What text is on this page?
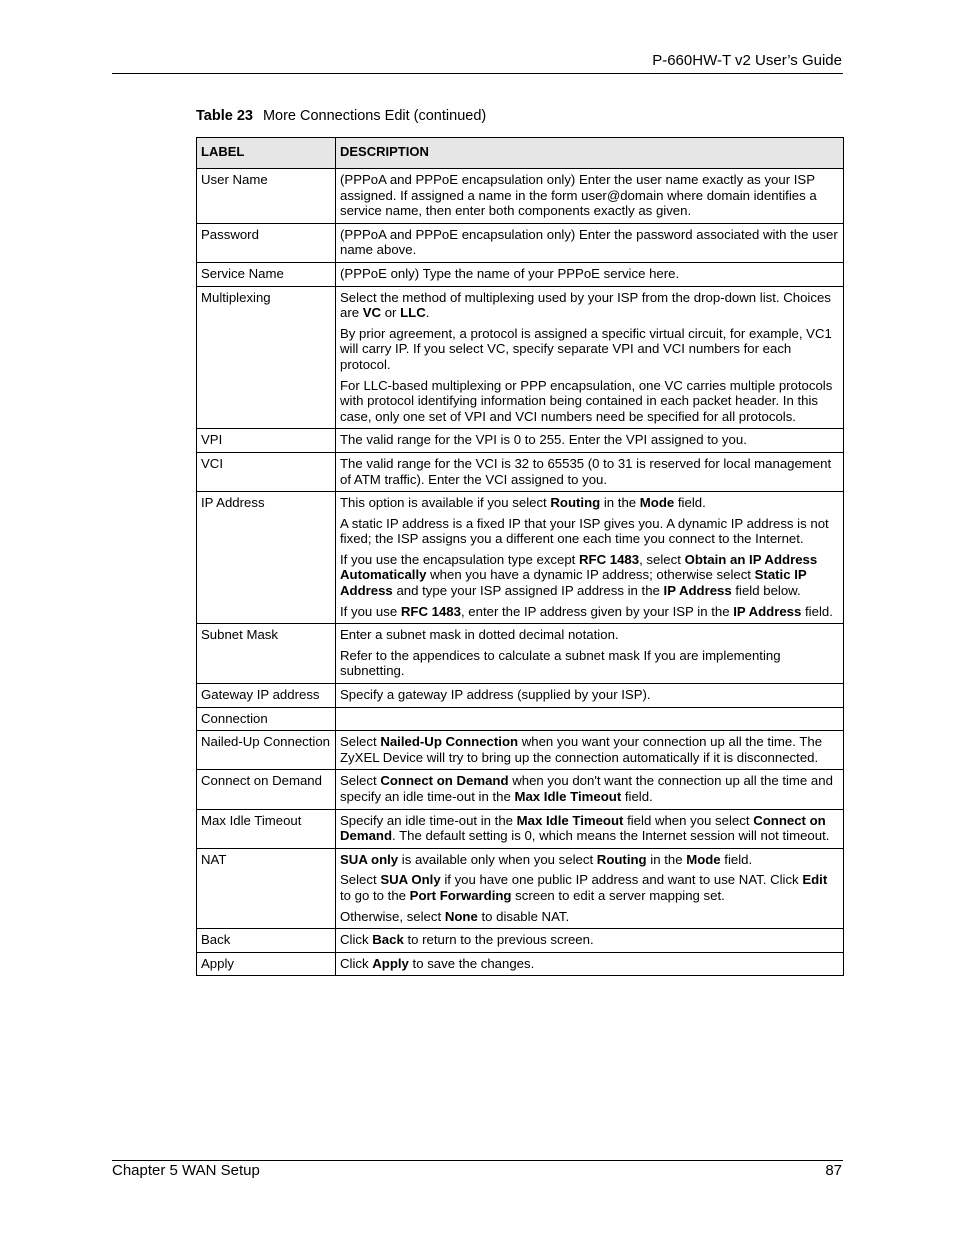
P-660HW-T v2 User’s Guide
Table 23 More Connections Edit (continued)
LABEL	DESCRIPTION
User Name	(PPPoA and PPPoE encapsulation only) Enter the user name exactly as your ISP assigned. If assigned a name in the form user@domain where domain identifies a service name, then enter both components exactly as given.

Password	(PPPoA and PPPoE encapsulation only) Enter the password associated with the user name above.

Service Name	(PPPoE only) Type the name of your PPPoE service here.

Multiplexing	Select the method of multiplexing used by your ISP from the drop-down list. Choices are VC or LLC.

By prior agreement, a protocol is assigned a specific virtual circuit, for example, VC1 will carry IP. If you select VC, specify separate VPI and VCI numbers for each protocol.

For LLC-based multiplexing or PPP encapsulation, one VC carries multiple protocols with protocol identifying information being contained in each packet header. In this case, only one set of VPI and VCI numbers need be specified for all protocols.

VPI	The valid range for the VPI is 0 to 255. Enter the VPI assigned to you.

VCI	The valid range for the VCI is 32 to 65535 (0 to 31 is reserved for local management of ATM traffic). Enter the VCI assigned to you.

IP Address	This option is available if you select Routing in the Mode field.

A static IP address is a fixed IP that your ISP gives you. A dynamic IP address is not fixed; the ISP assigns you a different one each time you connect to the Internet.

If you use the encapsulation type except RFC 1483, select Obtain an IP Address Automatically when you have a dynamic IP address; otherwise select Static IP Address and type your ISP assigned IP address in the IP Address field below.

If you use RFC 1483, enter the IP address given by your ISP in the IP Address field.

Subnet Mask	Enter a subnet mask in dotted decimal notation.

Refer to the appendices to calculate a subnet mask If you are implementing subnetting.

Gateway IP address	Specify a gateway IP address (supplied by your ISP).

Connection	
Nailed-Up Connection	Select Nailed-Up Connection when you want your connection up all the time. The ZyXEL Device will try to bring up the connection automatically if it is disconnected.

Connect on Demand	Select Connect on Demand when you don't want the connection up all the time and specify an idle time-out in the Max Idle Timeout field.

Max Idle Timeout	Specify an idle time-out in the Max Idle Timeout field when you select Connect on Demand. The default setting is 0, which means the Internet session will not timeout.

NAT	SUA only is available only when you select Routing in the Mode field.

Select SUA Only if you have one public IP address and want to use NAT. Click Edit to go to the Port Forwarding screen to edit a server mapping set.

Otherwise, select None to disable NAT.

Back	Click Back to return to the previous screen.

Apply	Click Apply to save the changes.

Chapter 5 WAN Setup	87
